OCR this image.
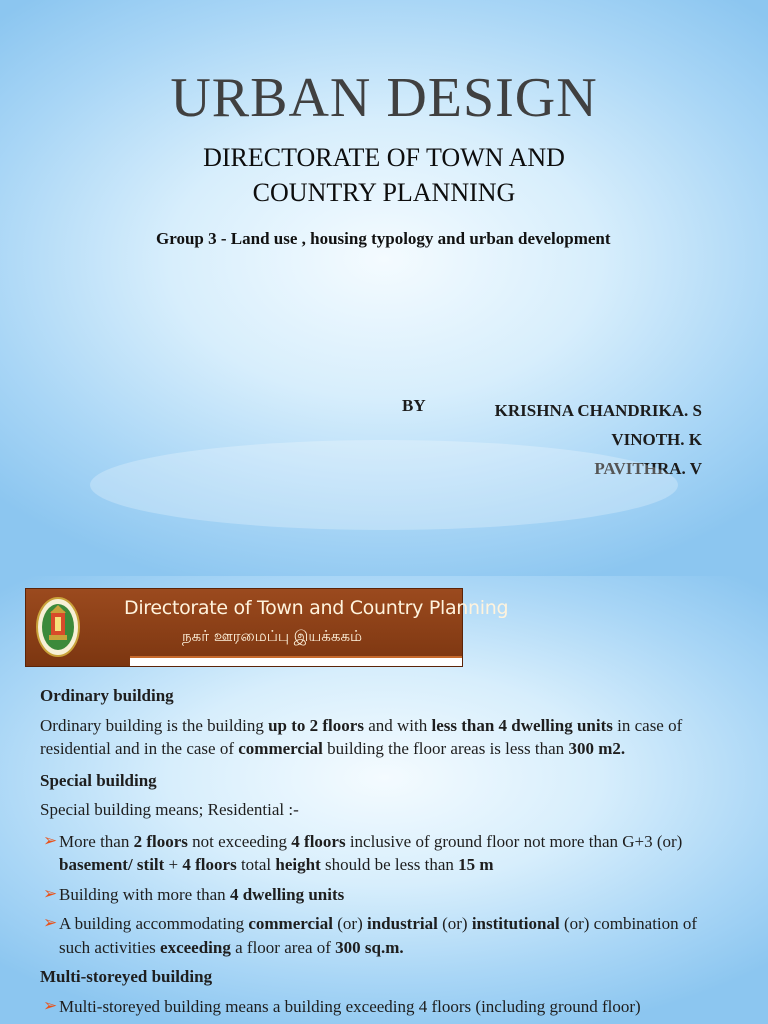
URBAN DESIGN
DIRECTORATE OF TOWN AND
COUNTRY PLANNING
Group 3 - Land use , housing typology and urban development
BY	KRISHNA CHANDRIKA. S
VINOTH. K
PAVITHRA. V
Directorate of Town and Country Planning
நகர் ஊரமைப்பு இயக்ககம்
Ordinary building
Ordinary building is the building up to 2 floors and with less than 4 dwelling units in case of residential and in the case of commercial building the floor areas is less than 300 m2.
Special building
Special building means; Residential :-
➢ More than 2 floors not exceeding 4 floors inclusive of ground floor not more than G+3 (or) basement/ stilt + 4 floors total height should be less than 15 m
➢ Building with more than 4 dwelling units
➢ A building accommodating commercial (or) industrial (or) institutional (or) combination of such activities exceeding a floor area of 300 sq.m.
Multi-storeyed building
➢ Multi-storeyed building means a building exceeding 4 floors (including ground floor)
